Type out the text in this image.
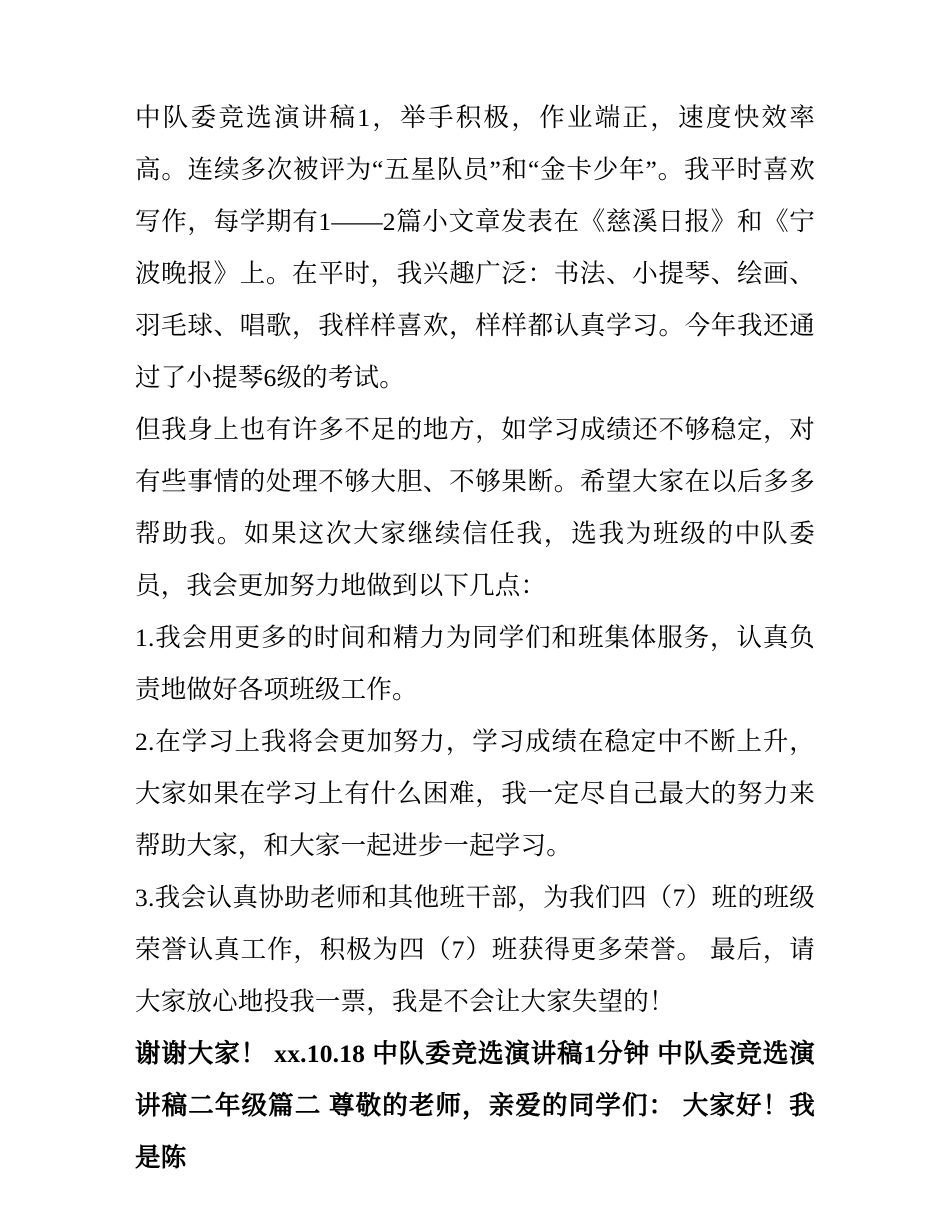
中队委竞选演讲稿1，举手积极，作业端正，速度快效率高。连续多次被评为“五星队员”和“金卡少年”。我平时喜欢写作，每学期有1——2篇小文章发表在《慈溪日报》和《宁波晚报》上。在平时，我兴趣广泛：书法、小提琴、绘画、羽毛球、唱歌，我样样喜欢，样样都认真学习。今年我还通过了小提琴6级的考试。

但我身上也有许多不足的地方，如学习成绩还不够稳定，对有些事情的处理不够大胆、不够果断。希望大家在以后多多帮助我。如果这次大家继续信任我，选我为班级的中队委员，我会更加努力地做到以下几点：

1.我会用更多的时间和精力为同学们和班集体服务，认真负责地做好各项班级工作。

2.在学习上我将会更加努力，学习成绩在稳定中不断上升，大家如果在学习上有什么困难，我一定尽自己最大的努力来帮助大家，和大家一起进步一起学习。

3.我会认真协助老师和其他班干部，为我们四（7）班的班级荣誉认真工作，积极为四（7）班获得更多荣誉。 最后，请大家放心地投我一票，我是不会让大家失望的！

谢谢大家！ xx.10.18 中队委竞选演讲稿1分钟 中队委竞选演讲稿二年级篇二 尊敬的老师，亲爱的同学们： 大家好！我是陈
